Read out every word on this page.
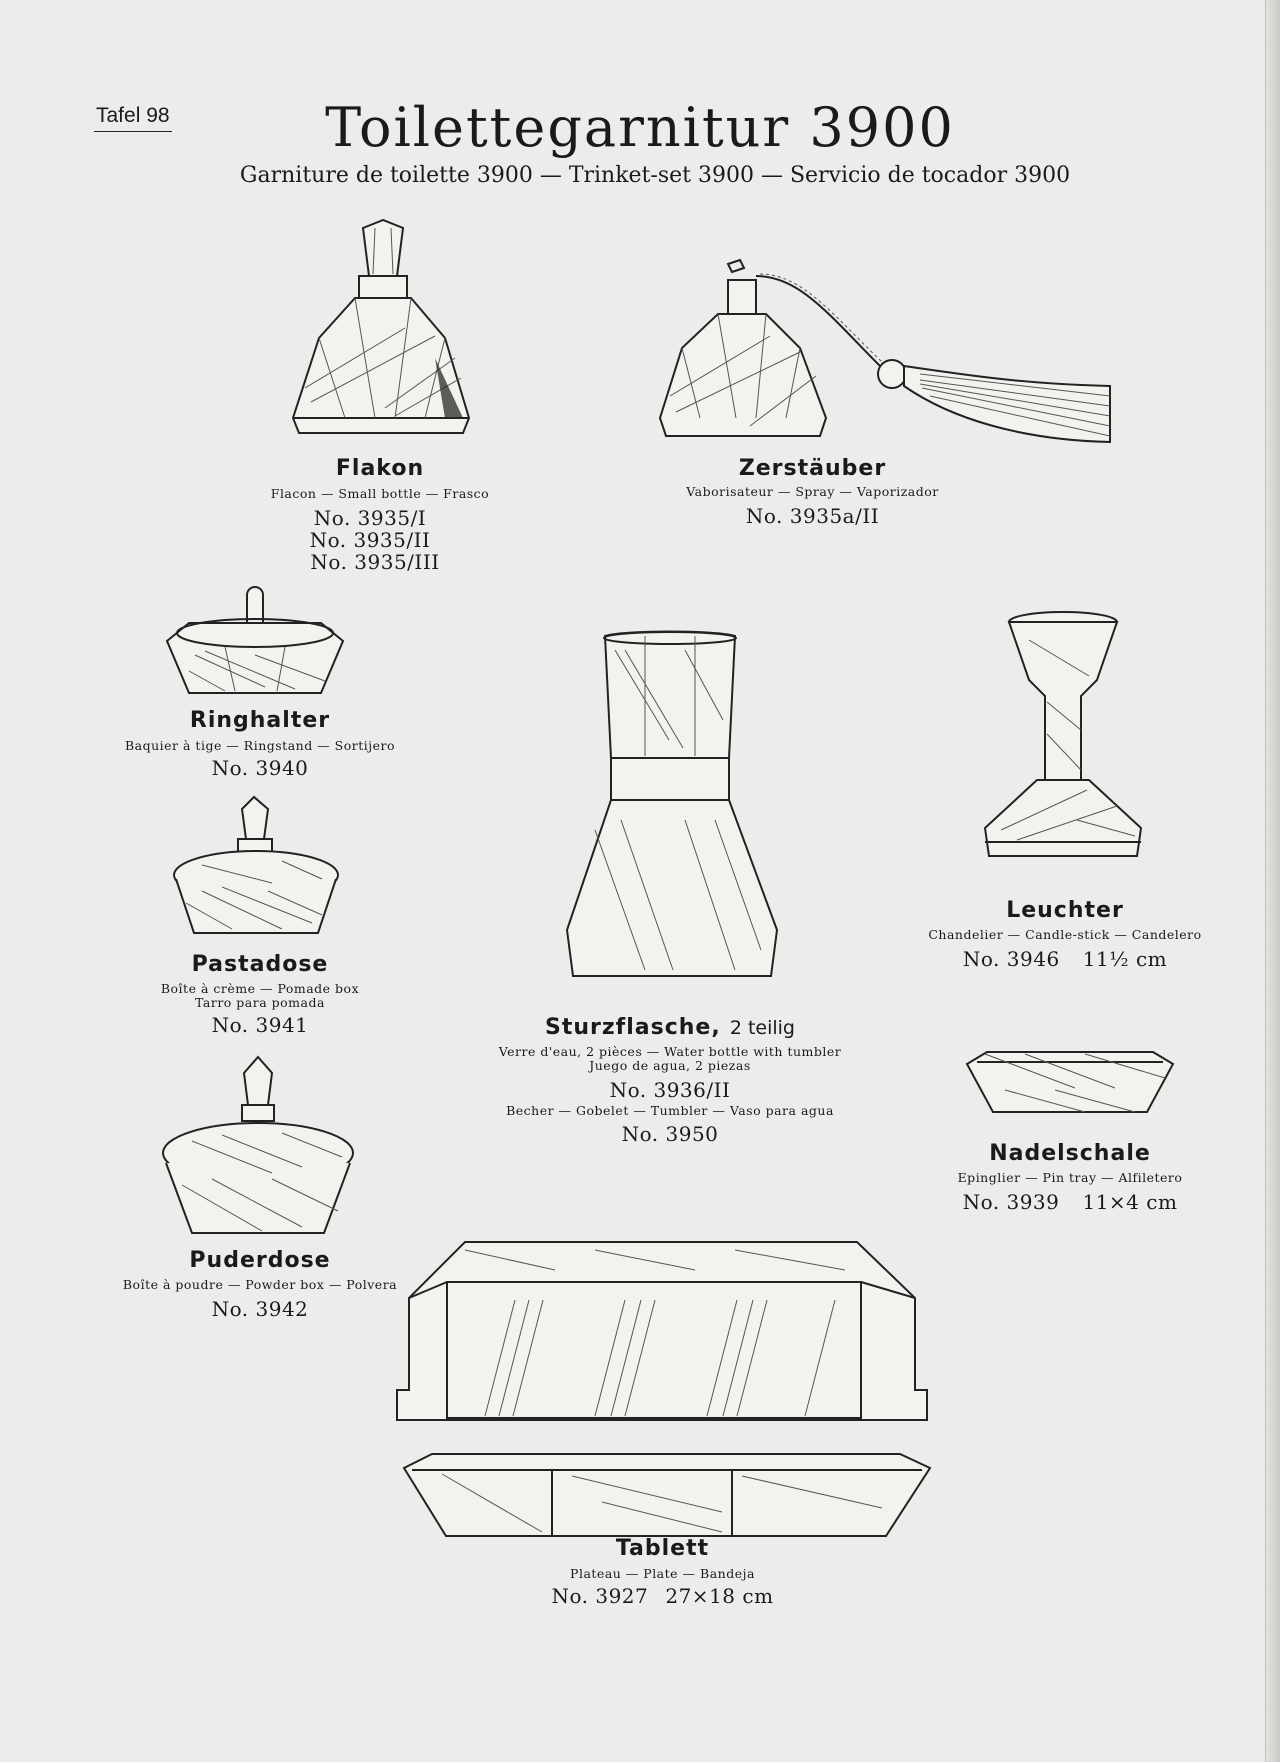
Tafel 98	Toilettegarnitur 3900
Garniture de toilette 3900 — Trinket-set 3900 — Servicio de tocador 3900
Flakon
Flacon — Small bottle — Frasco
No. 3935/I
No. 3935/II
No. 3935/III
Zerstäuber
Vaborisateur — Spray — Vaporizador
No. 3935a/II
Ringhalter
Baquier à tige — Ringstand — Sortijero
No. 3940
Pastadose
Boîte à crème — Pomade box
Tarro para pomada
No. 3941
Puderdose
Boîte à poudre — Powder box — Polvera
No. 3942
Sturzflasche, 2 teilig
Verre d'eau, 2 pièces — Water bottle with tumbler
Juego de agua, 2 piezas
No. 3936/II
Becher — Gobelet — Tumbler — Vaso para agua
No. 3950
Leuchter
Chandelier — Candle-stick — Candelero
No. 3946 11½ cm
Nadelschale
Epinglier — Pin tray — Alfiletero
No. 3939 11×4 cm
Tablett
Plateau — Plate — Bandeja
No. 3927 27×18 cm
